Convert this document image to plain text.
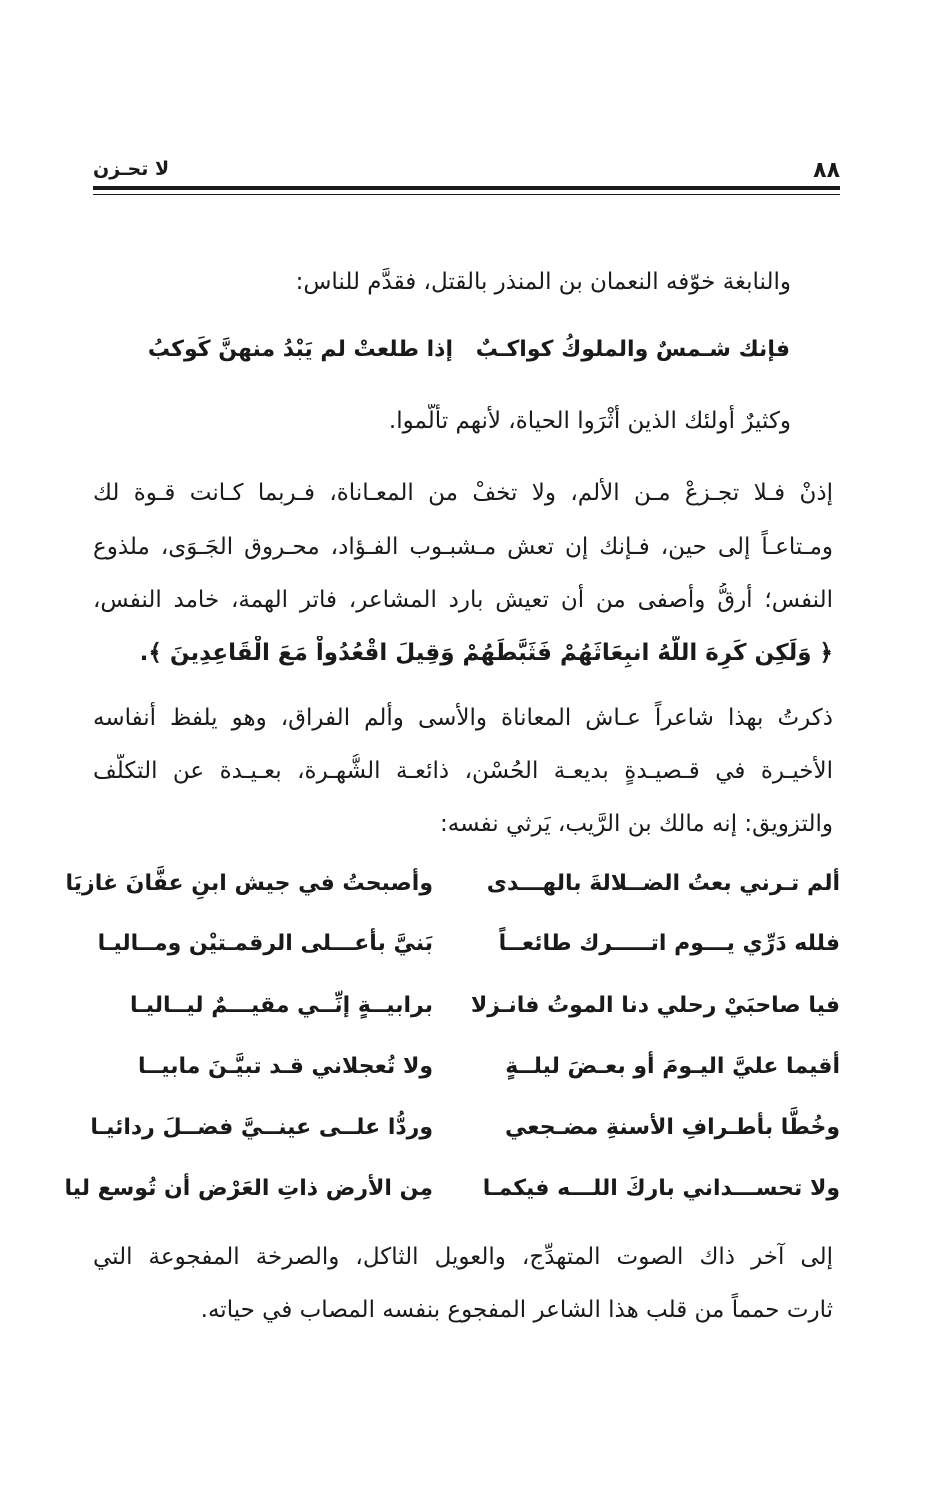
٨٨
لا تحـزن
والنابغة خوّفه النعمان بن المنذر بالقتل، فقدَّم للناس:
فإنك شـمسٌ والملوكُ كواكـبٌ
إذا طلعتْ لم يَبْدُ منهنَّ كَوكبُ
وكثيرٌ أولئك الذين أثْرَوا الحياة، لأنهم تألَّموا.
إذنْ فـلا تجـزعْ مـن الألم، ولا تخفْ من المعـاناة، فـربما كـانت قـوة لك
ومـتاعـاً إلى حين، فـإنك إن تعش مـشبـوب الفـؤاد، محـروق الجَـوَى، ملذوع
النفس؛ أرقُّ وأصفى من أن تعيش بارد المشاعر، فاتر الهمة، خامد النفس،
﴿ وَلَكِن كَرِهَ اللَّهُ انبِعَاثَهُمْ فَثَبَّطَهُمْ وَقِيلَ اقْعُدُواْ مَعَ الْقَاعِدِينَ ﴾.
ذكرتُ بهذا شاعراً عـاش المعاناة والأسى وألم الفراق، وهو يلفظ أنفاسه
الأخيـرة في قـصيـدةٍ بديعـة الحُسْن، ذائعـة الشُّهـرة، بعـيـدة عن التكلُّف
والتزويق: إنه مالك بن الرَّيب، يَرثي نفسه:
ألم تـرني بعتُ الضــلالةَ بالهـــدى
وأصبحتُ في جيش ابنِ عفَّانَ غازيَا
فلله دَرِّي يـــوم اتـــــرك طائعــاً
بَنيَّ بأعـــلى الرقمـتيْن ومــاليـا
فيا صاحبَيْ رحلي دنا الموتُ فانـزلا
برابيــةٍ إنِّــي مقيـــمٌ ليــاليـا
أقيما عليَّ اليـومَ أو بعـضَ ليلــةٍ
ولا تُعجلاني قـد تبيَّـنَ مابيــا
وخُطَّا بأطـرافِ الأسنةِ مضـجعي
وردُّا علــى عينــيَّ فضــلَ ردائيـا
ولا تحســـداني باركَ اللـــه فيكمـا
مِن الأرض ذاتِ العَرْض أن تُوسع ليا
إلى آخر ذاك الصوت المتهدِّج، والعويل الثاكل، والصرخة المفجوعة التي
ثارت حمماً من قلب هذا الشاعر المفجوع بنفسه المصاب في حياته.
